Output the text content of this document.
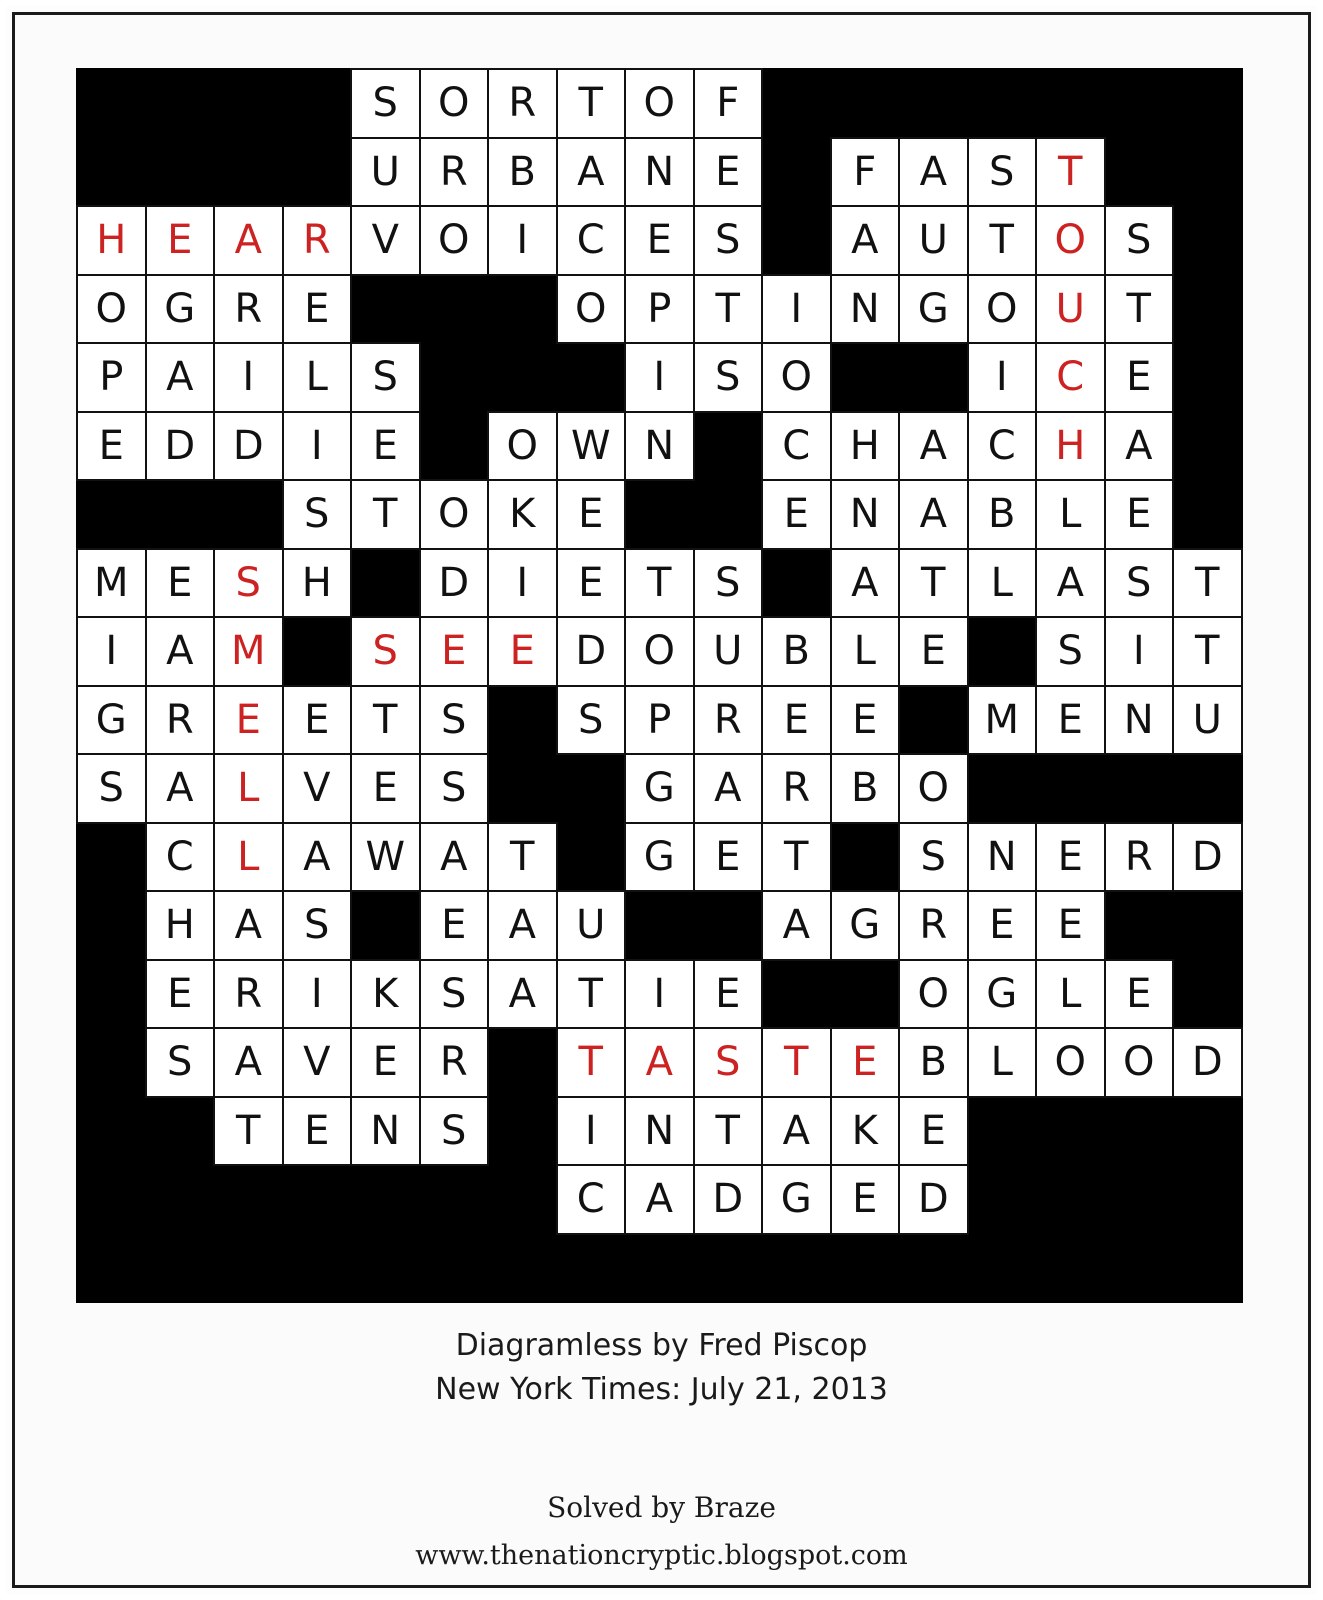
				S	O	R	T	O	F							
				U	R	B	A	N	E		F	A	S	T		
H	E	A	R	V	O	I	C	E	S		A	U	T	O	S	
O	G	R	E				O	P	T	I	N	G	O	U	T	
P	A	I	L	S				I	S	O			I	C	E	
E	D	D	I	E		O	W	N		C	H	A	C	H	A	
			S	T	O	K	E			E	N	A	B	L	E	
M	E	S	H		D	I	E	T	S		A	T	L	A	S	T
I	A	M		S	E	E	D	O	U	B	L	E		S	I	T
G	R	E	E	T	S		S	P	R	E	E		M	E	N	U
S	A	L	V	E	S			G	A	R	B	O				
	C	L	A	W	A	T		G	E	T		S	N	E	R	D
	H	A	S		E	A	U			A	G	R	E	E		
	E	R	I	K	S	A	T	I	E			O	G	L	E	
	S	A	V	E	R		T	A	S	T	E	B	L	O	O	D
		T	E	N	S		I	N	T	A	K	E				
							C	A	D	G	E	D				

Diagramless by Fred Piscop
New York Times: July 21, 2013
Solved by Braze
www.thenationcryptic.blogspot.com
